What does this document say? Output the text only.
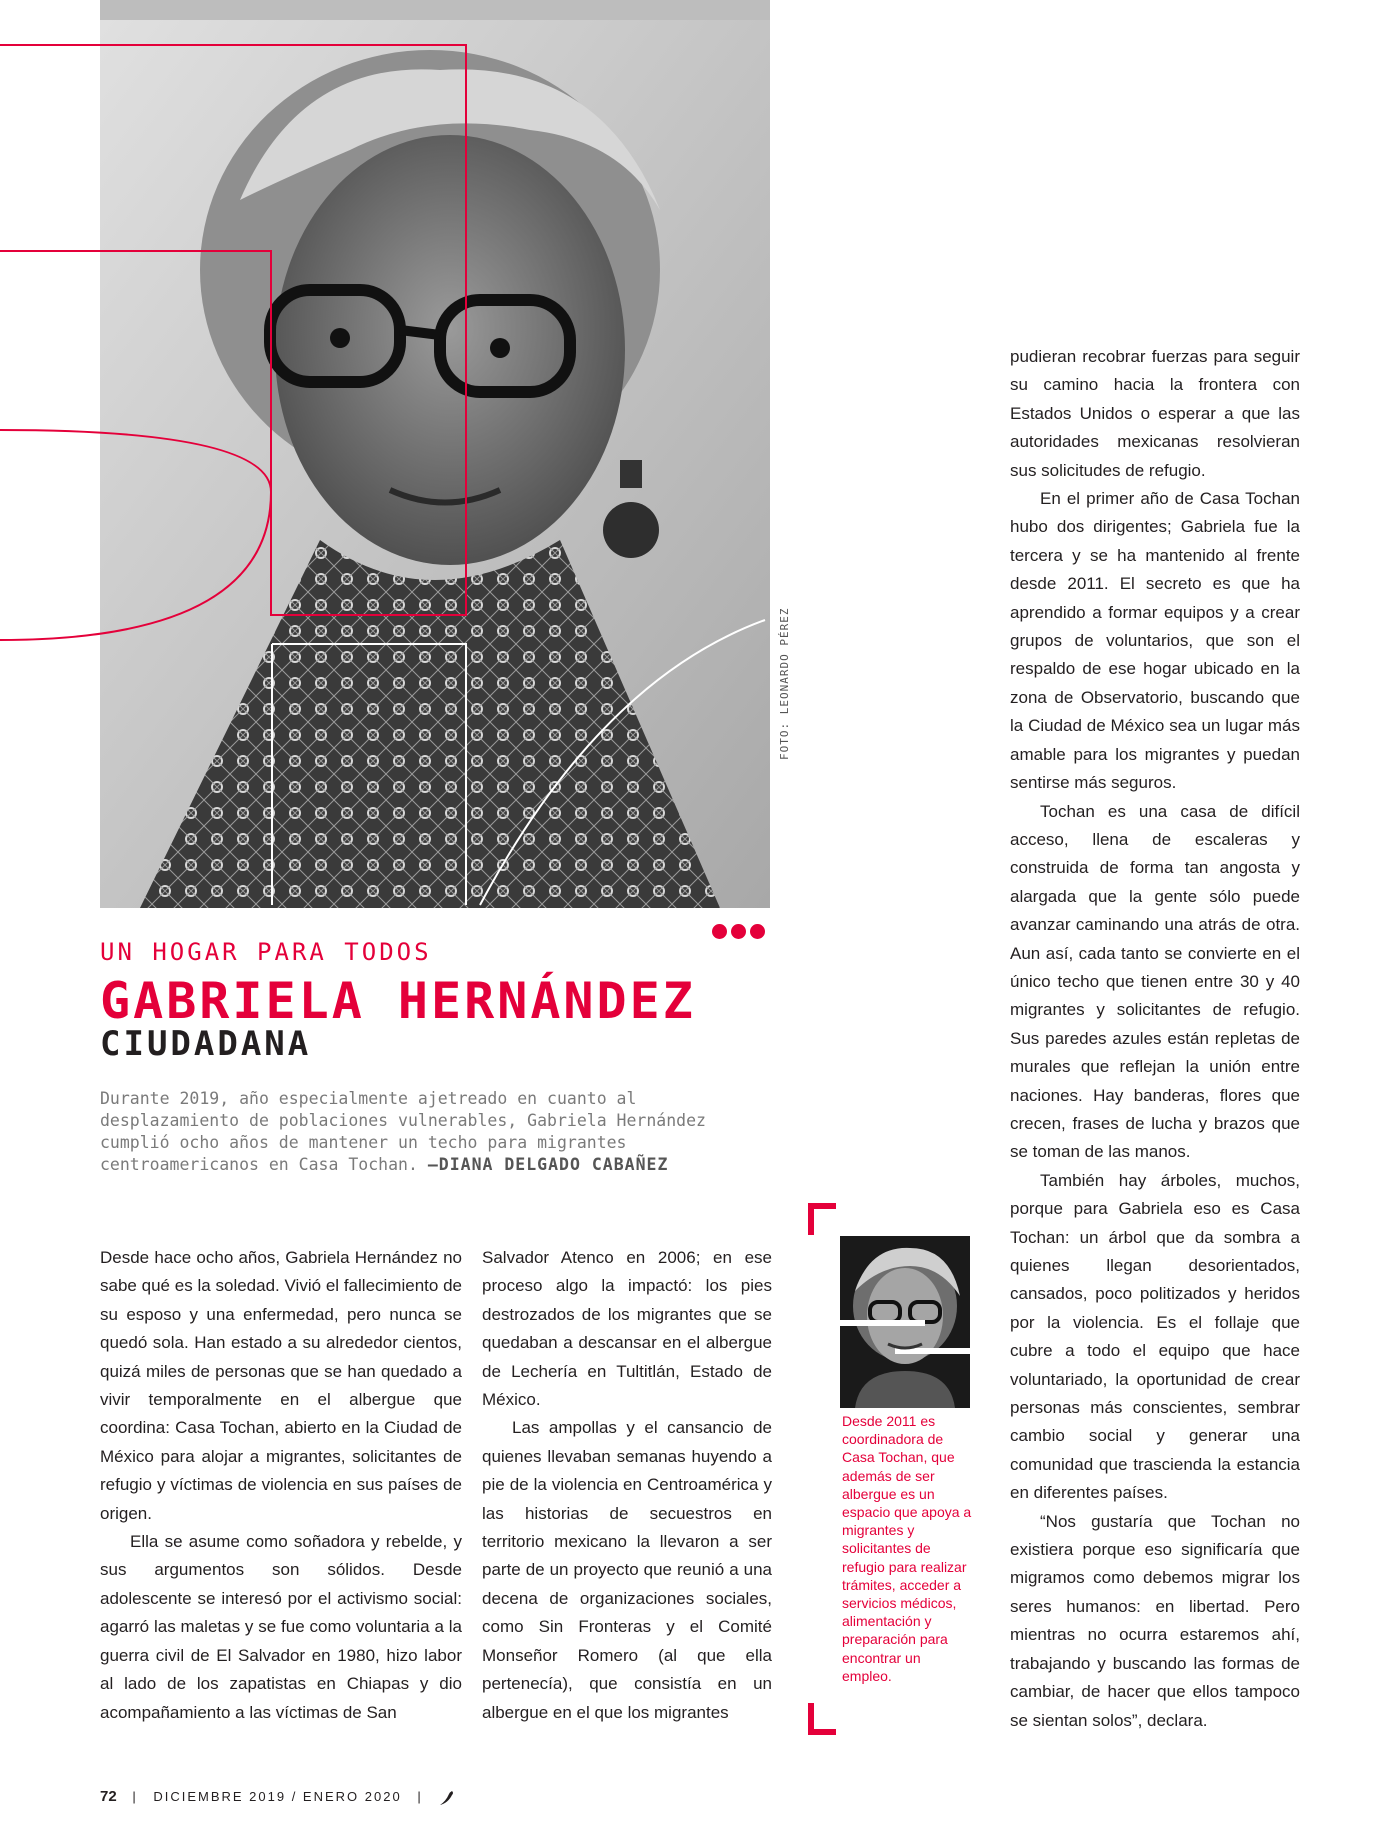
FOTO: LEONARDO PÉREZ
UN HOGAR PARA TODOS
GABRIELA HERNÁNDEZ
CIUDADANA
Durante 2019, año especialmente ajetreado en cuanto al desplazamiento de poblaciones vulnerables, Gabriela Hernández cumplió ocho años de mantener un techo para migrantes centroamericanos en Casa Tochan. –DIANA DELGADO CABAÑEZ

Desde hace ocho años, Gabriela Hernández no sabe qué es la soledad. Vivió el fallecimiento de su esposo y una enfermedad, pero nunca se quedó sola. Han estado a su alrededor cientos, quizá miles de personas que se han quedado a vivir temporalmente en el albergue que coordina: Casa Tochan, abierto en la Ciudad de México para alojar a migrantes, solicitantes de refugio y víctimas de violencia en sus países de origen.

Ella se asume como soñadora y rebelde, y sus argumentos son sólidos. Desde adolescente se interesó por el activismo social: agarró las maletas y se fue como voluntaria a la guerra civil de El Salvador en 1980, hizo labor al lado de los zapatistas en Chiapas y dio acompañamiento a las víctimas de San

Salvador Atenco en 2006; en ese proceso algo la impactó: los pies destrozados de los migrantes que se quedaban a descansar en el albergue de Lechería en Tultitlán, Estado de México.

Las ampollas y el cansancio de quienes llevaban semanas huyendo a pie de la violencia en Centroamérica y las historias de secuestros en territorio mexicano la llevaron a ser parte de un proyecto que reunió a una decena de organizaciones sociales, como Sin Fronteras y el Comité Monseñor Romero (al que ella pertenecía), que consistía en un albergue en el que los migrantes

pudieran recobrar fuerzas para seguir su camino hacia la frontera con Estados Unidos o esperar a que las autoridades mexicanas resolvieran sus solicitudes de refugio.

En el primer año de Casa Tochan hubo dos dirigentes; Gabriela fue la tercera y se ha mantenido al frente desde 2011. El secreto es que ha aprendido a formar equipos y a crear grupos de voluntarios, que son el respaldo de ese hogar ubicado en la zona de Observatorio, buscando que la Ciudad de México sea un lugar más amable para los migrantes y puedan sentirse más seguros.

Tochan es una casa de difícil acceso, llena de escaleras y construida de forma tan angosta y alargada que la gente sólo puede avanzar caminando una atrás de otra. Aun así, cada tanto se convierte en el único techo que tienen entre 30 y 40 migrantes y solicitantes de refugio. Sus paredes azules están repletas de murales que reflejan la unión entre naciones. Hay banderas, flores que crecen, frases de lucha y brazos que se toman de las manos.

También hay árboles, muchos, porque para Gabriela eso es Casa Tochan: un árbol que da sombra a quienes llegan desorientados, cansados, poco politizados y heridos por la violencia. Es el follaje que cubre a todo el equipo que hace voluntariado, la oportunidad de crear personas más conscientes, sembrar cambio social y generar una comunidad que trascienda la estancia en diferentes países.

“Nos gustaría que Tochan no existiera porque eso significaría que migramos como debemos migrar los seres humanos: en libertad. Pero mientras no ocurra estaremos ahí, trabajando y buscando las formas de cambiar, de hacer que ellos tampoco se sientan solos”, declara.

Desde 2011 es coordinadora de Casa Tochan, que además de ser albergue es un espacio que apoya a migrantes y solicitantes de refugio para realizar trámites, acceder a servicios médicos, alimentación y preparación para encontrar un empleo.
72 | DICIEMBRE 2019 / ENERO 2020 |
